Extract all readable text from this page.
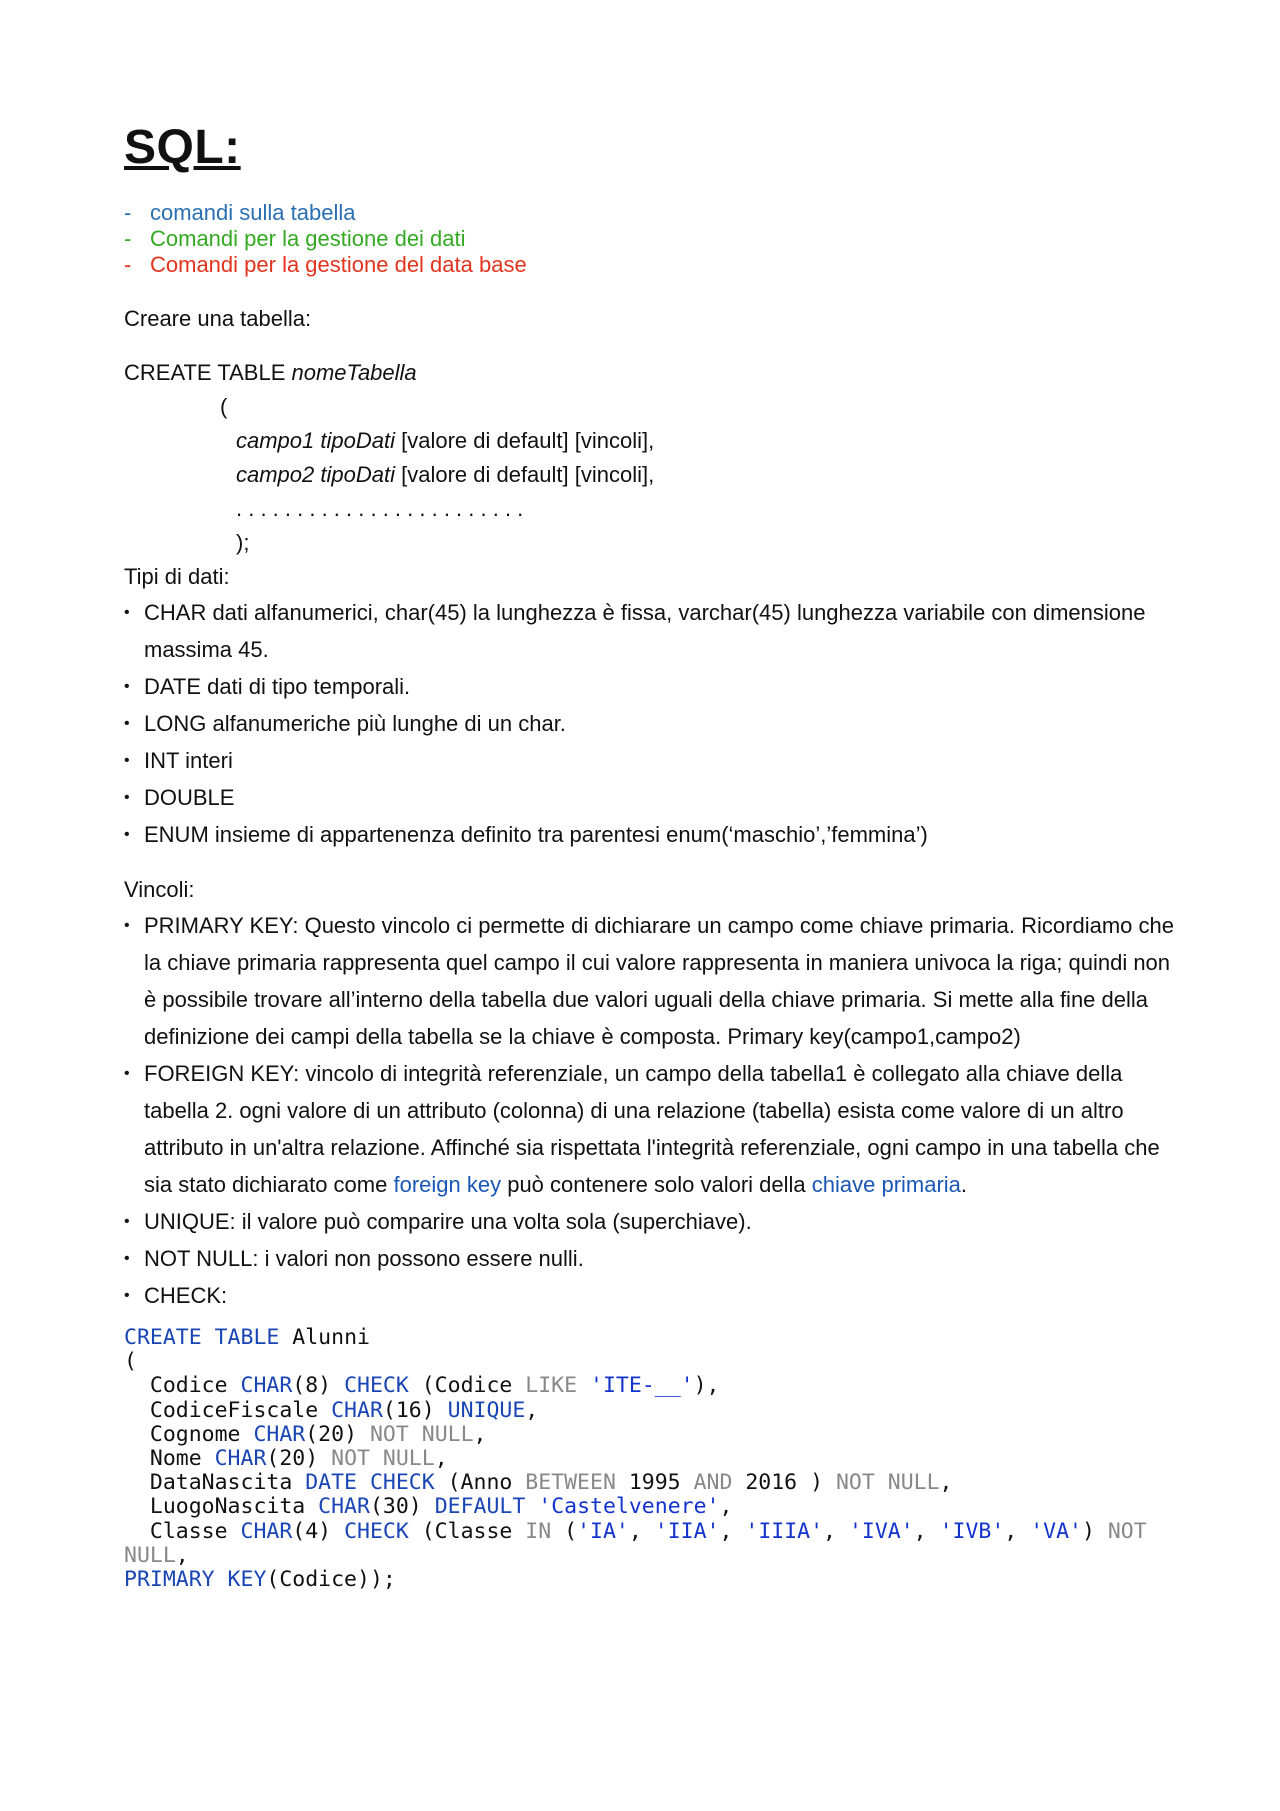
SQL:
- comandi sulla tabella
- Comandi per la gestione dei dati
- Comandi per la gestione del data base

Creare una tabella:

CREATE TABLE nomeTabella
(
campo1 tipoDati [valore di default] [vincoli],
campo2 tipoDati [valore di default] [vincoli],
. . . . . . . . . . . . . . . . . . . . . . . .
);

Tipi di dati:

• CHAR dati alfanumerici, char(45) la lunghezza è fissa, varchar(45) lunghezza variabile con dimensione massima 45.
• DATE dati di tipo temporali.
• LONG alfanumeriche più lunghe di un char.
• INT interi
• DOUBLE
• ENUM insieme di appartenenza definito tra parentesi enum(‘maschio’,’femmina’)

Vincoli:

• PRIMARY KEY: Questo vincolo ci permette di dichiarare un campo come chiave primaria. Ricordiamo che la chiave primaria rappresenta quel campo il cui valore rappresenta in maniera univoca la riga; quindi non è possibile trovare all’interno della tabella due valori uguali della chiave primaria. Si mette alla fine della definizione dei campi della tabella se la chiave è composta. Primary key(campo1,campo2)
• FOREIGN KEY: vincolo di integrità referenziale, un campo della tabella1 è collegato alla chiave della tabella 2. ogni valore di un attributo (colonna) di una relazione (tabella) esista come valore di un altro attributo in un'altra relazione. Affinché sia rispettata l'integrità referenziale, ogni campo in una tabella che sia stato dichiarato come foreign key può contenere solo valori della chiave primaria.
• UNIQUE: il valore può comparire una volta sola (superchiave).
• NOT NULL: i valori non possono essere nulli.
• CHECK:
CREATE TABLE Alunni
(
Codice CHAR(8) CHECK (Codice LIKE 'ITE-__'),
CodiceFiscale CHAR(16) UNIQUE,
Cognome CHAR(20) NOT NULL,
Nome CHAR(20) NOT NULL,
DataNascita DATE CHECK (Anno BETWEEN 1995 AND 2016 ) NOT NULL,
LuogoNascita CHAR(30) DEFAULT 'Castelvenere',
Classe CHAR(4) CHECK (Classe IN ('IA', 'IIA', 'IIIA', 'IVA', 'IVB', 'VA') NOT
NULL,
PRIMARY KEY(Codice));
